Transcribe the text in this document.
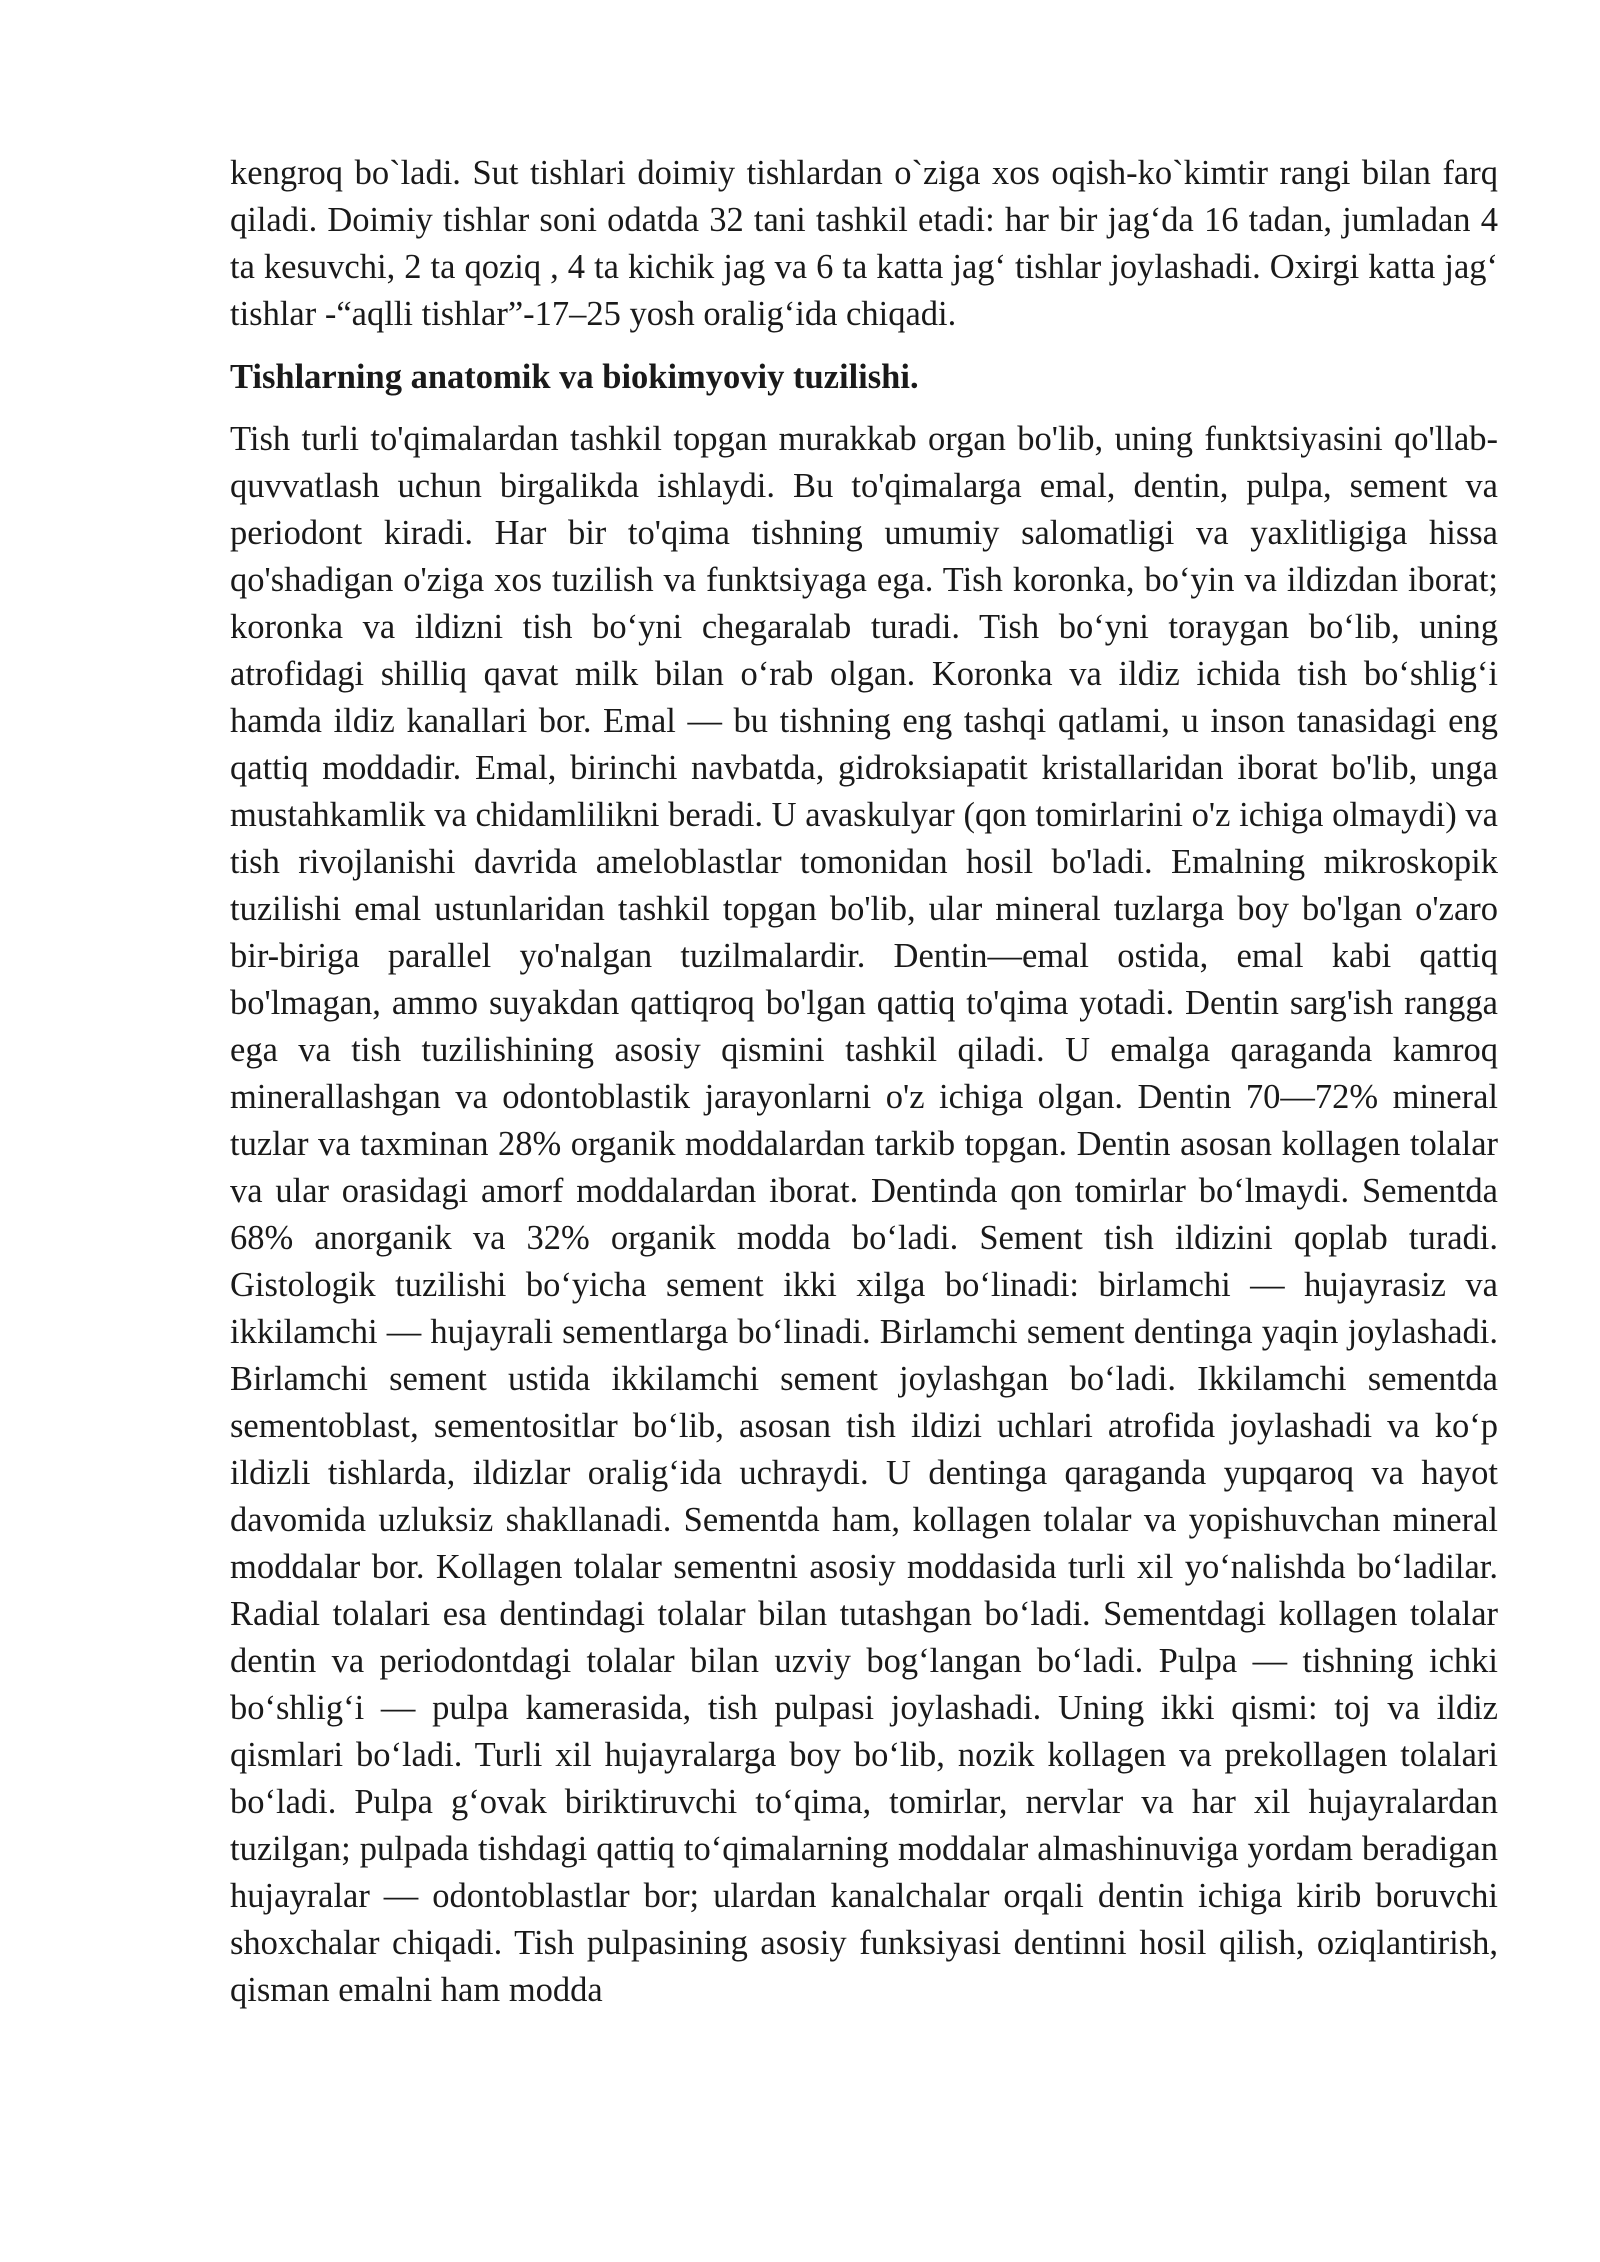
kengroq bo`ladi. Sut tishlari doimiy tishlardan o`ziga xos oqish-ko`kimtir rangi bilan farq qiladi. Doimiy tishlar soni odatda 32 tani tashkil etadi: har bir jag‘da 16 tadan, jumladan 4 ta kesuvchi, 2 ta qoziq , 4 ta kichik jag va 6 ta katta jag‘ tishlar joylashadi. Oxirgi katta jag‘ tishlar -“aqlli tishlar”-17–25 yosh oralig‘ida chiqadi.

Tishlarning anatomik va biokimyoviy tuzilishi.

Tish turli to'qimalardan tashkil topgan murakkab organ bo'lib, uning funktsiyasini qo'llab-quvvatlash uchun birgalikda ishlaydi. Bu to'qimalarga emal, dentin, pulpa, sement va periodont kiradi. Har bir to'qima tishning umumiy salomatligi va yaxlitligiga hissa qo'shadigan o'ziga xos tuzilish va funktsiyaga ega. Tish koronka, bo‘yin va ildizdan iborat; koronka va ildizni tish bo‘yni chegaralab turadi. Tish bo‘yni toraygan bo‘lib, uning atrofidagi shilliq qavat milk bilan o‘rab olgan. Koronka va ildiz ichida tish bo‘shlig‘i hamda ildiz kanallari bor. Emal — bu tishning eng tashqi qatlami, u inson tanasidagi eng qattiq moddadir. Emal, birinchi navbatda, gidroksiapatit kristallaridan iborat bo'lib, unga mustahkamlik va chidamlilikni beradi. U avaskulyar (qon tomirlarini o'z ichiga olmaydi) va tish rivojlanishi davrida ameloblastlar tomonidan hosil bo'ladi. Emalning mikroskopik tuzilishi emal ustunlaridan tashkil topgan bo'lib, ular mineral tuzlarga boy bo'lgan o'zaro bir-biriga parallel yo'nalgan tuzilmalardir. Dentin—emal ostida, emal kabi qattiq bo'lmagan, ammo suyakdan qattiqroq bo'lgan qattiq to'qima yotadi. Dentin sarg'ish rangga ega va tish tuzilishining asosiy qismini tashkil qiladi. U emalga qaraganda kamroq minerallashgan va odontoblastik jarayonlarni o'z ichiga olgan. Dentin 70—72% mineral tuzlar va taxminan 28% organik moddalardan tarkib topgan. Dentin asosan kollagen tolalar va ular orasidagi amorf moddalardan iborat. Dentinda qon tomirlar bo‘lmaydi. Sementda 68% anorganik va 32% organik modda bo‘ladi. Sement tish ildizini qoplab turadi. Gistologik tuzilishi bo‘yicha sement ikki xilga bo‘linadi: birlamchi — hujayrasiz va ikkilamchi — hujayrali sementlarga bo‘linadi. Birlamchi sement dentinga yaqin joylashadi. Birlamchi sement ustida ikkilamchi sement joylashgan bo‘ladi. Ikkilamchi sementda sementoblast, sementositlar bo‘lib, asosan tish ildizi uchlari atrofida joylashadi va ko‘p ildizli tishlarda, ildizlar oralig‘ida uchraydi. U dentinga qaraganda yupqaroq va hayot davomida uzluksiz shakllanadi. Sementda ham, kollagen tolalar va yopishuvchan mineral moddalar bor. Kollagen tolalar sementni asosiy moddasida turli xil yo‘nalishda bo‘ladilar. Radial tolalari esa dentindagi tolalar bilan tutashgan bo‘ladi. Sementdagi kollagen tolalar dentin va periodontdagi tolalar bilan uzviy bog‘langan bo‘ladi. Pulpa — tishning ichki bo‘shlig‘i — pulpa kamerasida, tish pulpasi joylashadi. Uning ikki qismi: toj va ildiz qismlari bo‘ladi. Turli xil hujayralarga boy bo‘lib, nozik kollagen va prekollagen tolalari bo‘ladi. Pulpa g‘ovak biriktiruvchi to‘qima, tomirlar, nervlar va har xil hujayralardan tuzilgan; pulpada tishdagi qattiq to‘qimalarning moddalar almashinuviga yordam beradigan hujayralar — odontoblastlar bor; ulardan kanalchalar orqali dentin ichiga kirib boruvchi shoxchalar chiqadi. Tish pulpasining asosiy funksiyasi dentinni hosil qilish, oziqlantirish, qisman emalni ham modda
